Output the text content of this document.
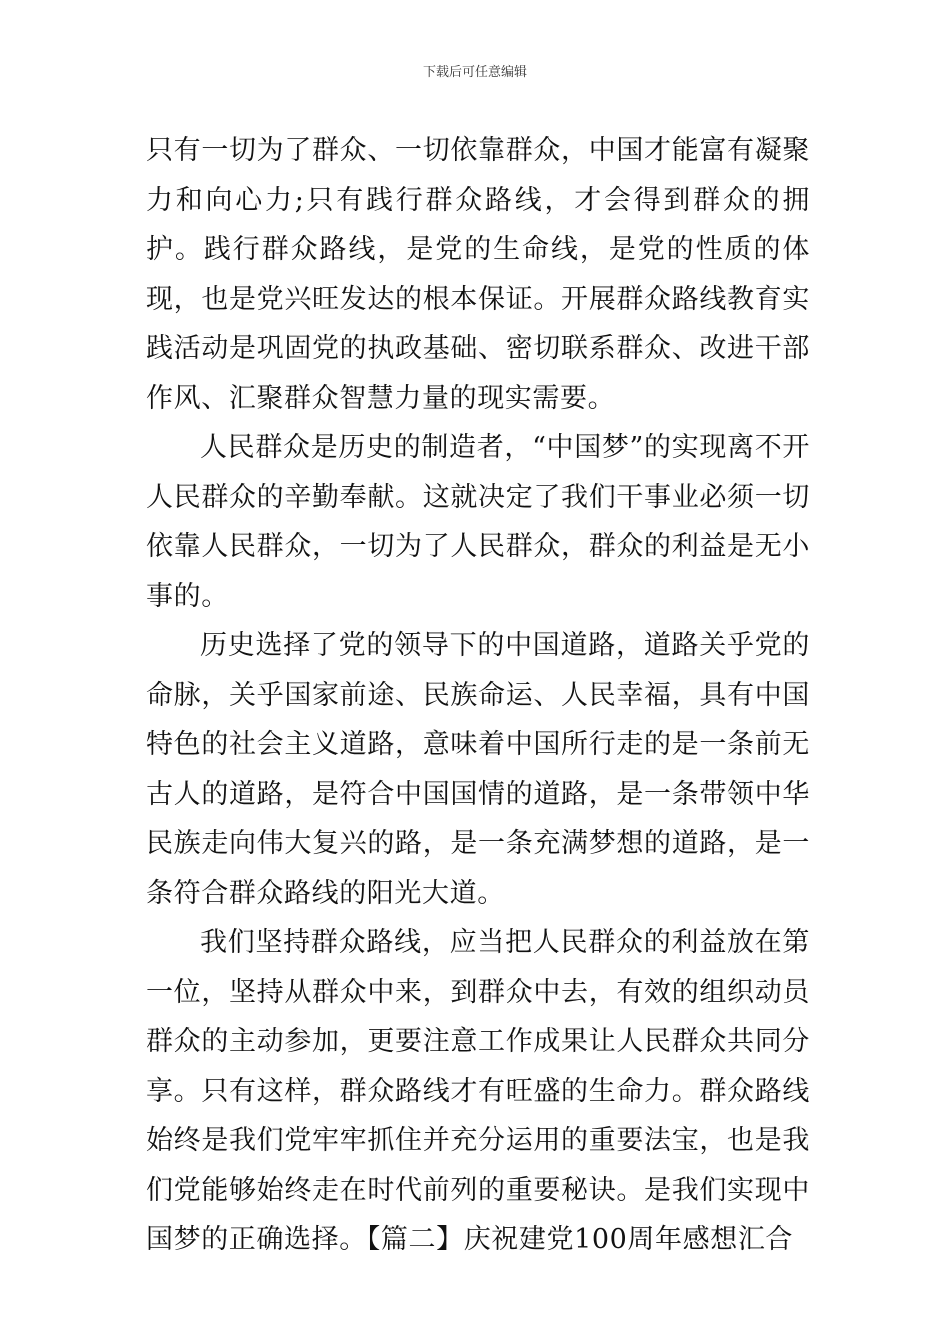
下载后可任意编辑

只有一切为了群众、一切依靠群众，中国才能富有凝聚力和向心力;只有践行群众路线，才会得到群众的拥护。践行群众路线，是党的生命线，是党的性质的体现，也是党兴旺发达的根本保证。开展群众路线教育实践活动是巩固党的执政基础、密切联系群众、改进干部作风、汇聚群众智慧力量的现实需要。

人民群众是历史的制造者，“中国梦”的实现离不开人民群众的辛勤奉献。这就决定了我们干事业必须一切依靠人民群众，一切为了人民群众，群众的利益是无小事的。

历史选择了党的领导下的中国道路，道路关乎党的命脉，关乎国家前途、民族命运、人民幸福，具有中国特色的社会主义道路，意味着中国所行走的是一条前无古人的道路，是符合中国国情的道路，是一条带领中华民族走向伟大复兴的路，是一条充满梦想的道路，是一条符合群众路线的阳光大道。

我们坚持群众路线，应当把人民群众的利益放在第一位，坚持从群众中来，到群众中去，有效的组织动员群众的主动参加，更要注意工作成果让人民群众共同分享。只有这样，群众路线才有旺盛的生命力。群众路线始终是我们党牢牢抓住并充分运用的重要法宝，也是我们党能够始终走在时代前列的重要秘诀。是我们实现中国梦的正确选择。【篇二】庆祝建党100周年感想汇合
